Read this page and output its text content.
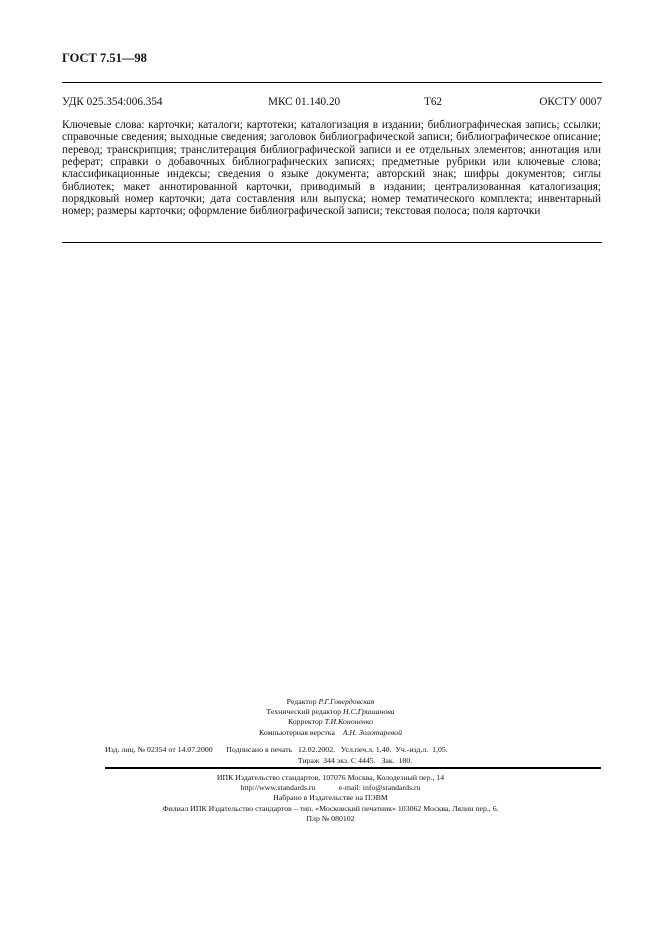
ГОСТ 7.51—98
УДК 025.354:006.354	МКС 01.140.20	Т62	ОКСТУ 0007
Ключевые слова: карточки; каталоги; картотеки; каталогизация в издании; библиографическая запись; ссылки; справочные сведения; выходные сведения; заголовок библиографической записи; библиографическое описание; перевод; транскрипция; транслитерация библиографической записи и ее отдельных элементов; аннотация или реферат; справки о добавочных библиографических записях; предметные рубрики или ключевые слова; классификационные индексы; сведения о языке документа; авторский знак; шифры документов; сиглы библиотек; макет аннотированной карточки, приводимый в издании; централизованная каталогизация; порядковый номер карточки; дата составления или выпуска; номер тематического комплекта; инвентарный номер; размеры карточки; оформление библиографической записи; текстовая полоса; поля карточки
Редактор Р.Г.Говердовская
Технический редактор Н.С.Гришанова
Корректор Т.И.Кононенко
Компьютерная верстка А.Н. Золотаревой
Изд. лиц. № 02354 от 14.07.2000 Подписано в печать   12.02.2002. Усл.печ.л. 1,40. Уч.-изд.л.  1,05.
Тираж  344 экз. С 4445.   Зак.  180.
ИПК Издательство стандартов, 107076 Москва, Колодезный пер., 14
http://www.standards.ru	e-mail: info@standards.ru
Набрано в Издательстве на ПЭВМ
Филиал ИПК Издательство стандартов – тип. «Московский печатник» 103062 Москва, Лялин пер., 6.
Плр № 080102
